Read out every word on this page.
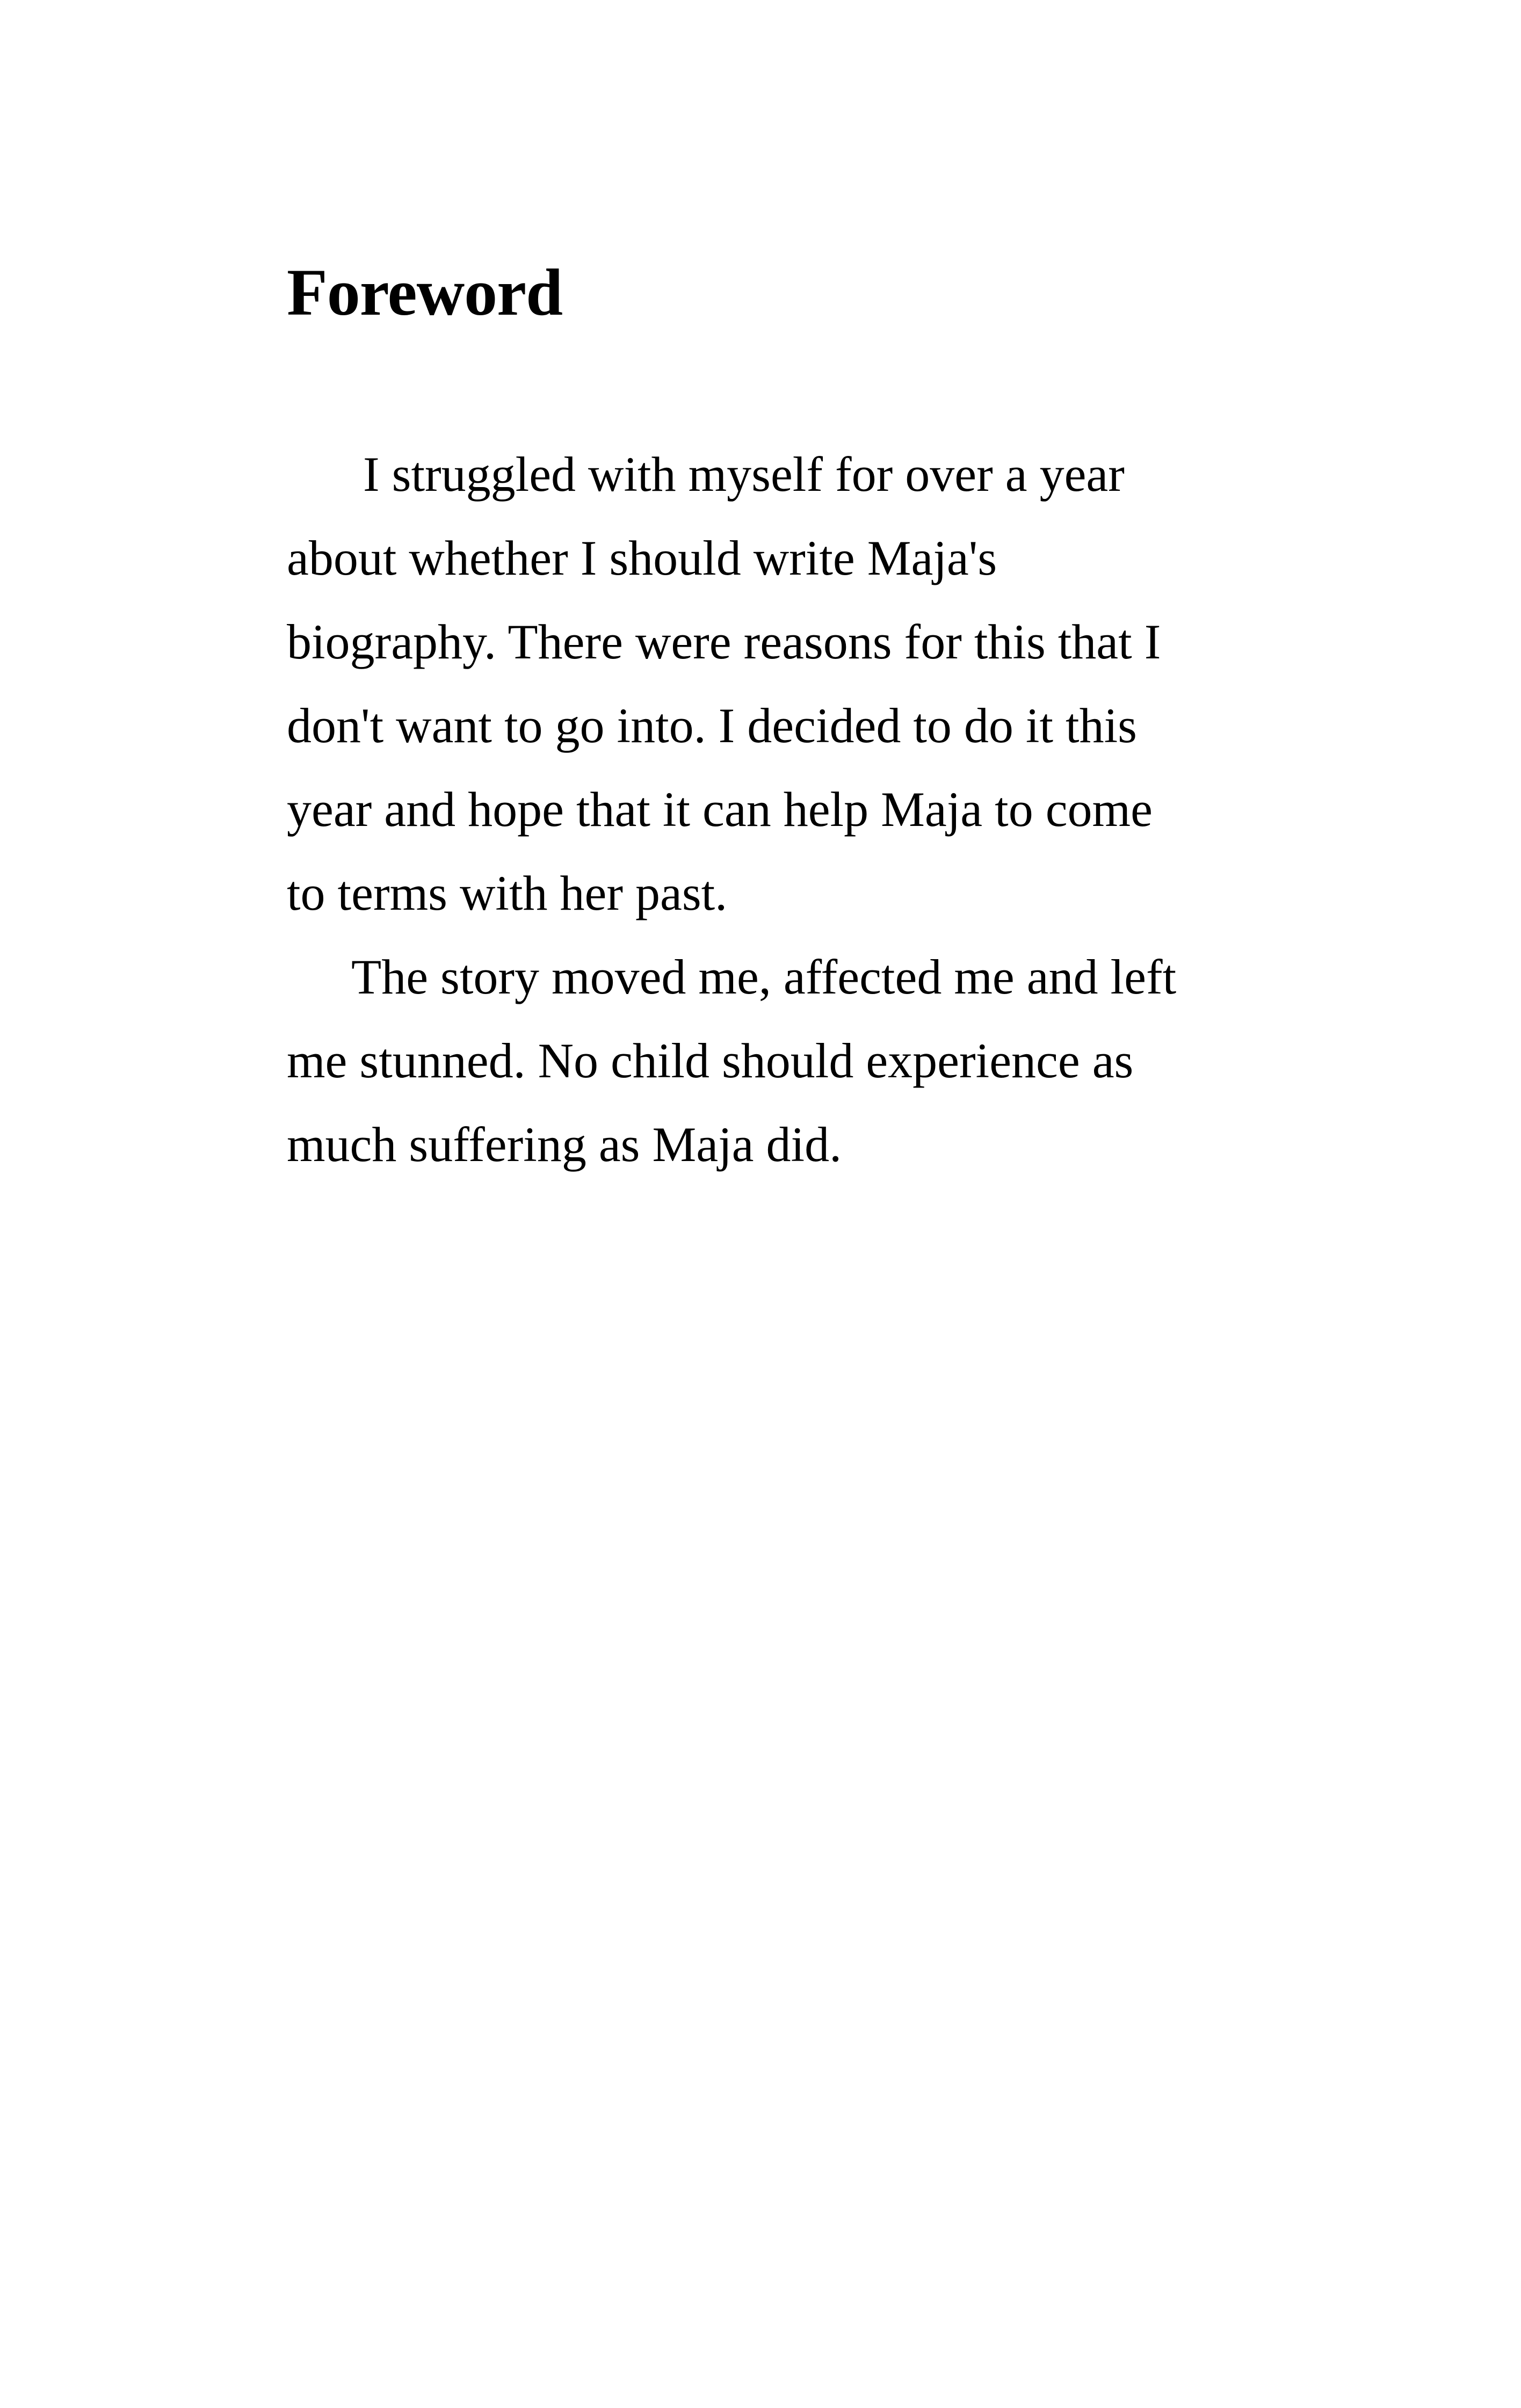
Foreword

I struggled with myself for over a year

about whether I should write Maja's

biography. There were reasons for this that I

don't want to go into. I decided to do it this

year and hope that it can help Maja to come

to terms with her past.

The story moved me, affected me and left

me stunned. No child should experience as

much suffering as Maja did.
